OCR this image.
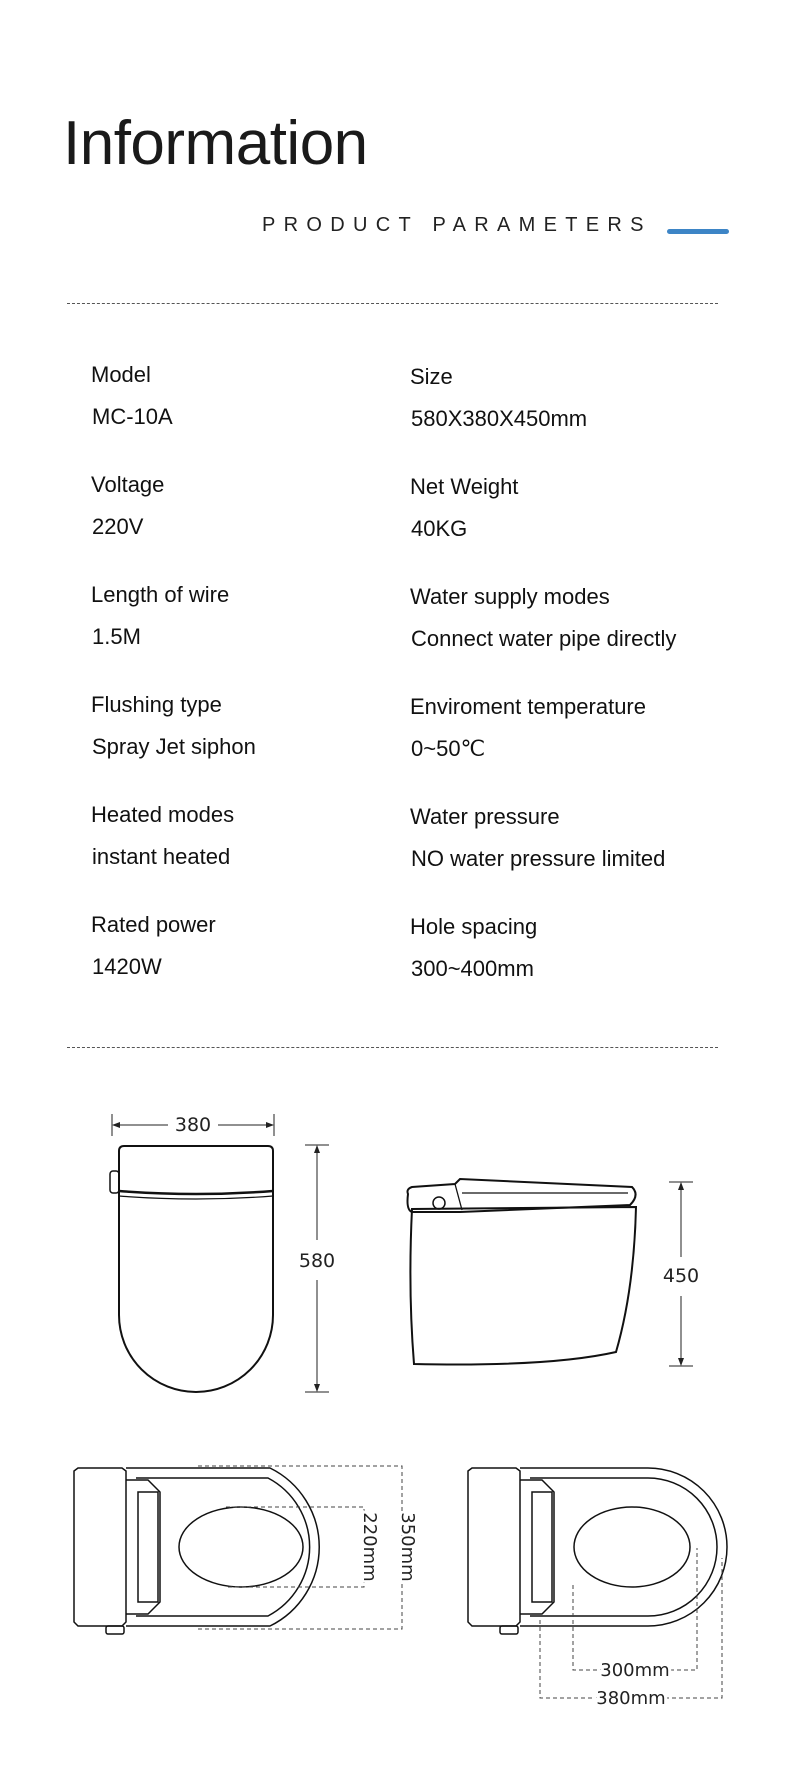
Information
PRODUCT PARAMETERS
Model
MC-10A
Size
580X380X450mm
Voltage
220V
Net Weight
40KG
Length of wire
1.5M
Water supply modes
Connect water pipe directly
Flushing type
Spray Jet siphon
Enviroment temperature
0~50℃
Heated modes
instant heated
Water pressure
NO water pressure limited
Rated power
1420W
Hole spacing
300~400mm
380
580
450
220mm 350mm
300mm
380mm
